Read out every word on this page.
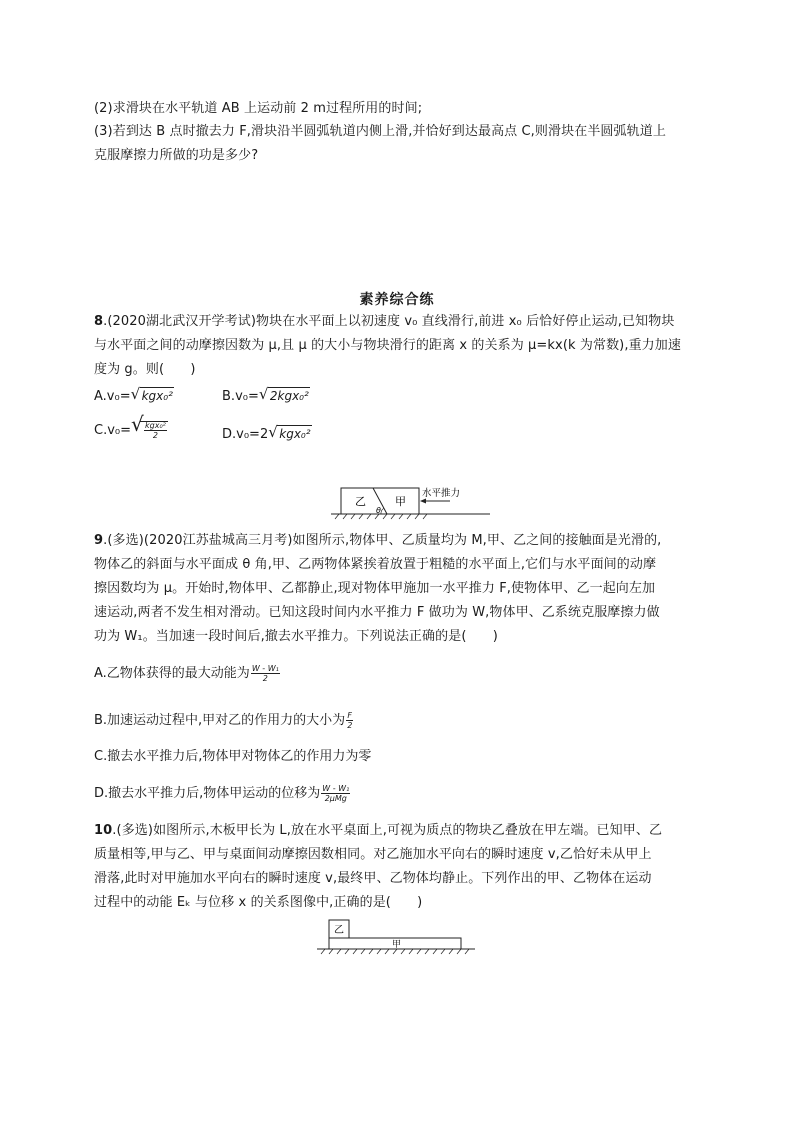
(2)求滑块在水平轨道 AB 上运动前 2 m过程所用的时间;
(3)若到达 B 点时撤去力 F,滑块沿半圆弧轨道内侧上滑,并恰好到达最高点 C,则滑块在半圆弧轨道上
克服摩擦力所做的功是多少?
素养综合练
8.(2020湖北武汉开学考试)物块在水平面上以初速度 v₀ 直线滑行,前进 x₀ 后恰好停止运动,已知物块
与水平面之间的动摩擦因数为 μ,且 μ 的大小与物块滑行的距离 x 的关系为 μ=kx(k 为常数),重力加速
度为 g。则(　　)
A.v₀= √ kgx₀²	B.v₀= √ 2kgx₀²
C.v₀= √ $\frac{\text{kgx₀²}}{2}$	D.v₀=2 √ kgx₀²
乙	甲
θ
水平推力
9.(多选)(2020江苏盐城高三月考)如图所示,物体甲、乙质量均为 M,甲、乙之间的接触面是光滑的,
物体乙的斜面与水平面成 θ 角,甲、乙两物体紧挨着放置于粗糙的水平面上,它们与水平面间的动摩
擦因数均为 μ。开始时,物体甲、乙都静止,现对物体甲施加一水平推力 F,使物体甲、乙一起向左加
速运动,两者不发生相对滑动。已知这段时间内水平推力 F 做功为 W,物体甲、乙系统克服摩擦力做
功为 W₁。当加速一段时间后,撤去水平推力。下列说法正确的是(　　)
A.乙物体获得的最大动能为 $\frac{\text{W - W₁}}{2}$
B.加速运动过程中,甲对乙的作用力的大小为 $\frac{F}{2}$
C.撤去水平推力后,物体甲对物体乙的作用力为零
D.撤去水平推力后,物体甲运动的位移为 $\frac{\text{W - W₁}}{\text{2μMg}}$
10.(多选)如图所示,木板甲长为 L,放在水平桌面上,可视为质点的物块乙叠放在甲左端。已知甲、乙
质量相等,甲与乙、甲与桌面间动摩擦因数相同。对乙施加水平向右的瞬时速度 v,乙恰好未从甲上
滑落,此时对甲施加水平向右的瞬时速度 v,最终甲、乙物体均静止。下列作出的甲、乙物体在运动
过程中的动能 Eₖ 与位移 x 的关系图像中,正确的是(　　)
乙
甲
